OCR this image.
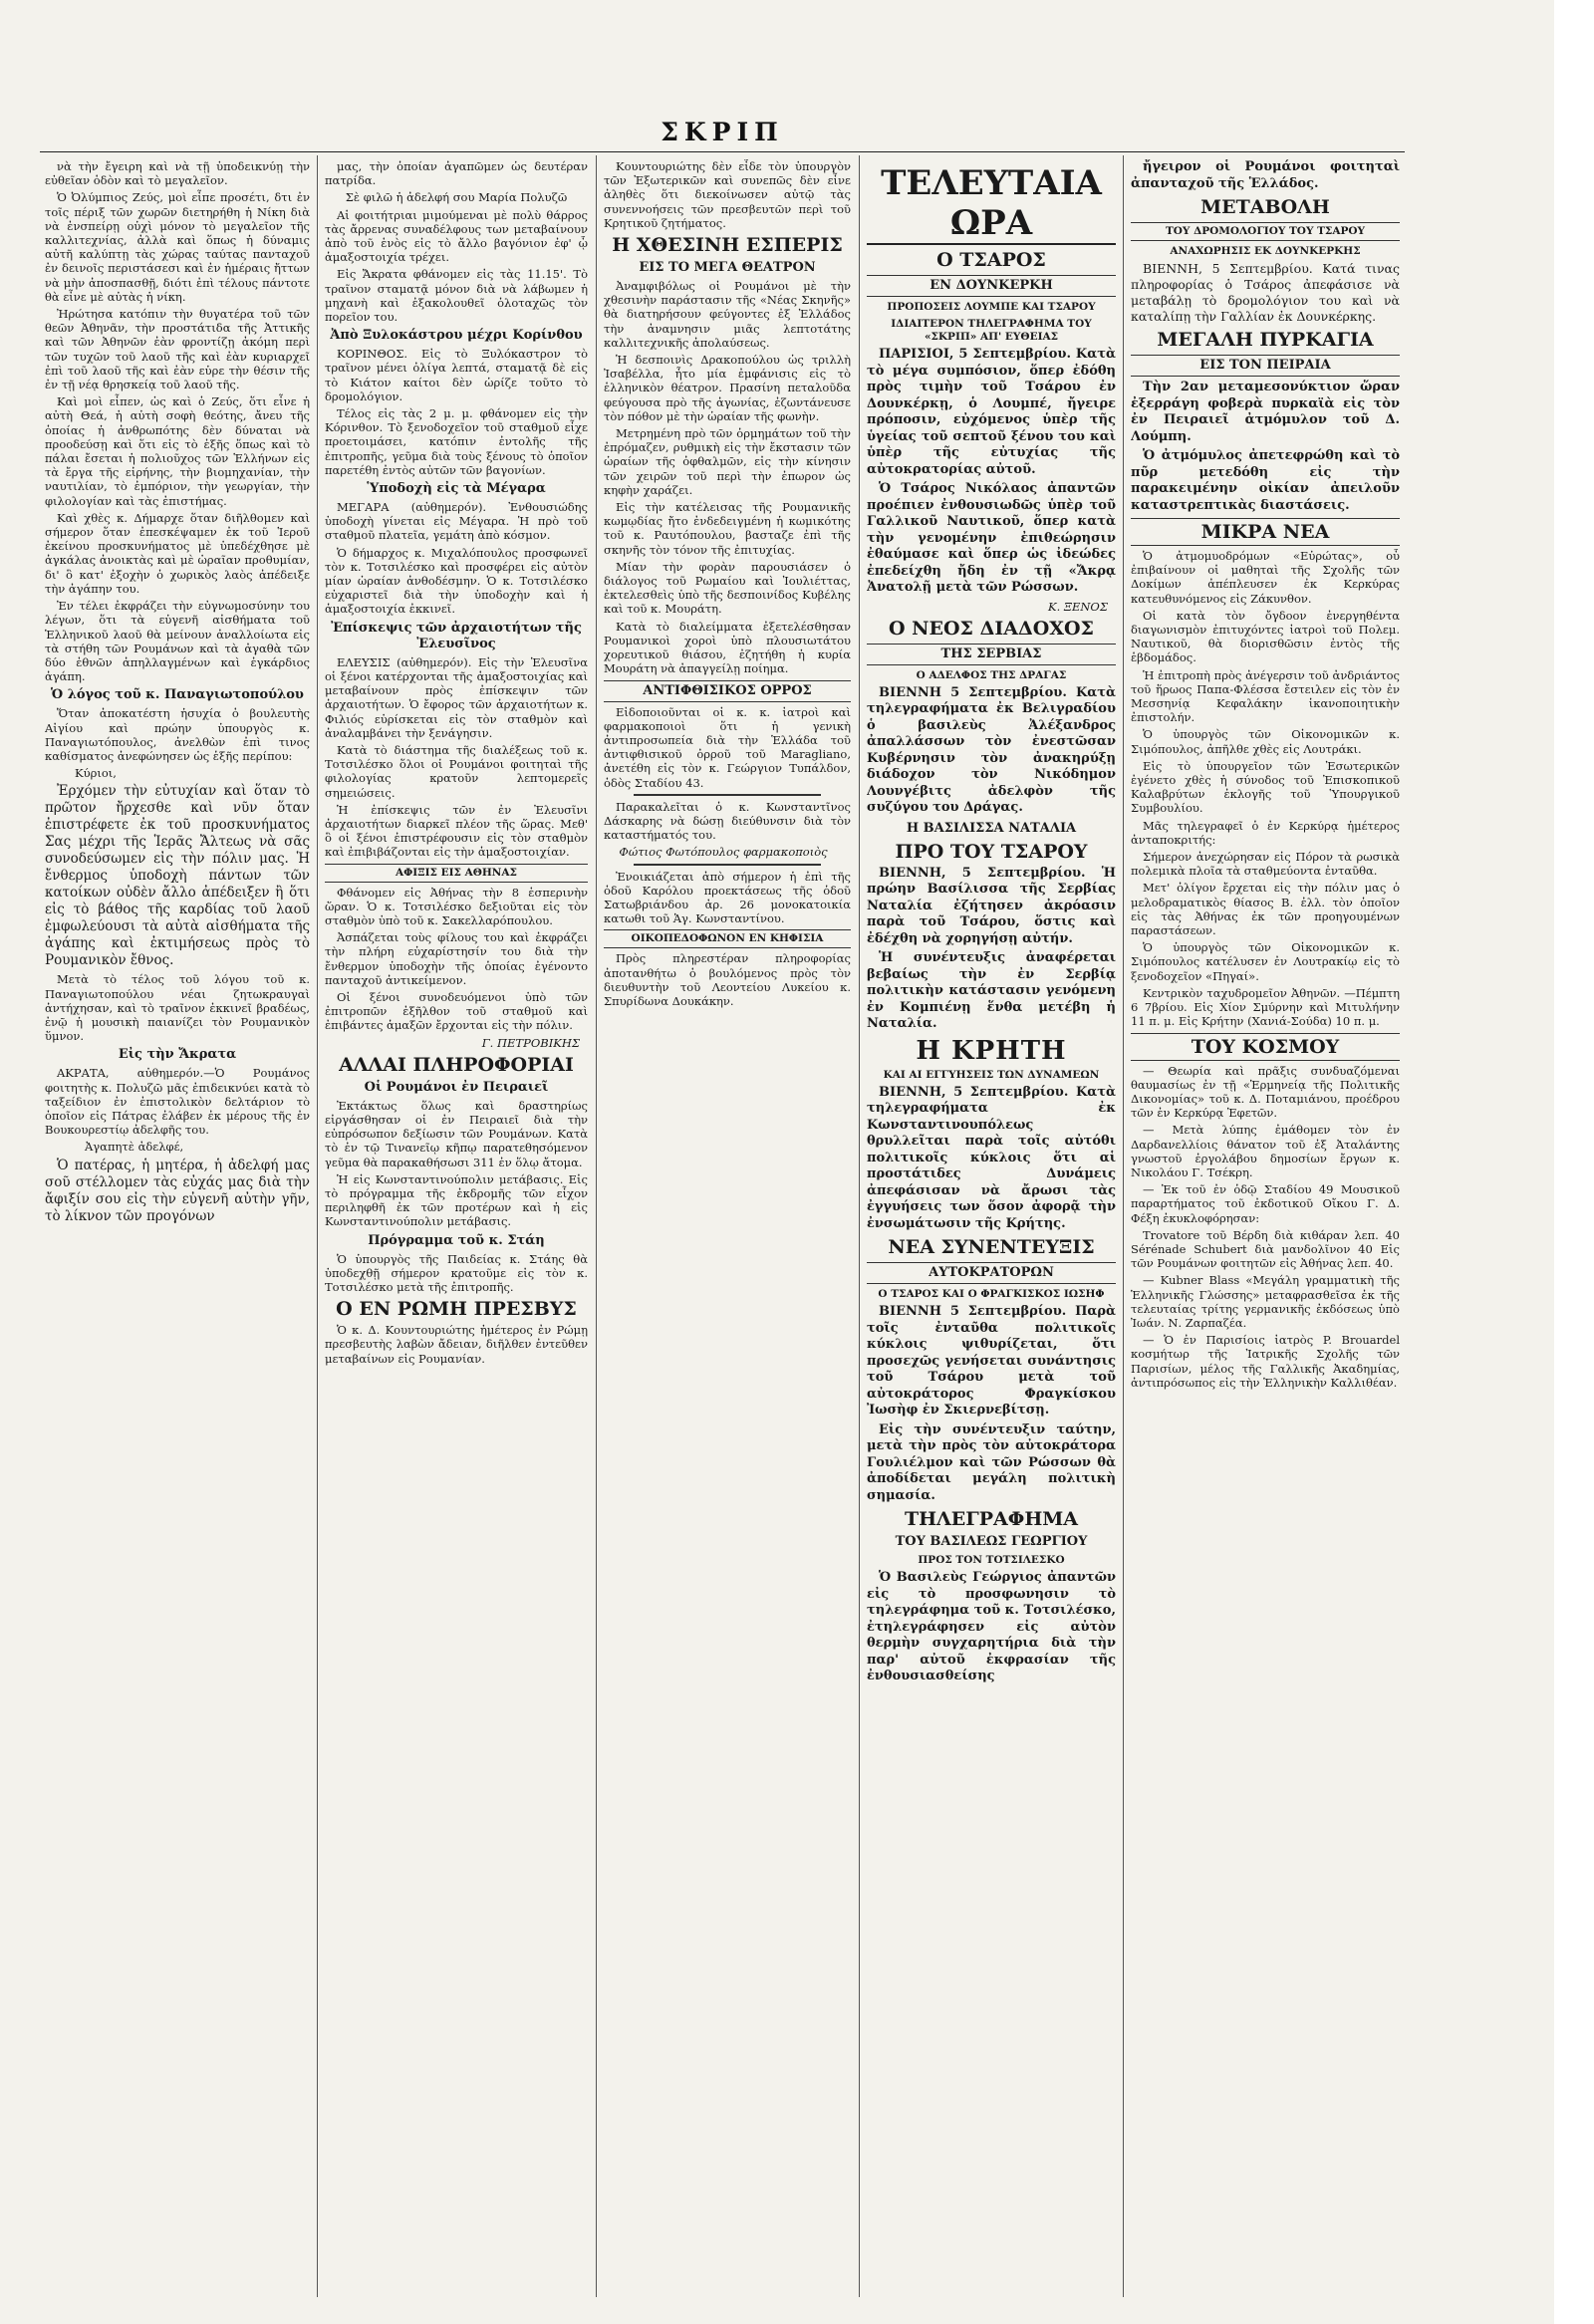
ΣΚΡΙΠ

νὰ τὴν ἔγειρη καὶ νὰ τῇ ὑποδεικνύῃ τὴν εὐθεῖαν ὁδὸν καὶ τὸ μεγαλεῖον.

Ὁ Ὀλύμπιος Ζεύς, μοὶ εἶπε προσέτι, δτι ἐν τοῖς πέριξ τῶν χωρῶν διετηρήθη ἡ Νίκη διὰ νὰ ἐνσπείρῃ οὐχὶ μόνον τὸ μεγαλεῖον τῆς καλλιτεχνίας, ἀλλὰ καὶ ὅπως ἡ δύναμις αὐτῆ καλύπτῃ τὰς χώρας ταύτας πανταχοῦ ἐν δεινοῖς περιστάσεσι καὶ ἐν ἡμέραις ἤττων νὰ μὴν ἀποσπασθῇ, διότι ἐπὶ τέλους πάντοτε θὰ εἶνε μὲ αὐτὰς ἡ νίκη.

Ἠρώτησα κατόπιν τὴν θυγατέρα τοῦ τῶν θεῶν Ἀθηνᾶν, τὴν προστάτιδα τῆς Ἀττικῆς καὶ τῶν Ἀθηνῶν ἐὰν φροντίζῃ ἀκόμη περὶ τῶν τυχῶν τοῦ λαοῦ τῆς καὶ ἐὰν κυριαρχεῖ ἐπὶ τοῦ λαοῦ τῆς καὶ ἐὰν εὑρε τὴν θέσιν τῆς ἐν τῇ νέᾳ θρησκείᾳ τοῦ λαοῦ τῆς.

Καὶ μοὶ εἶπεν, ὡς καὶ ὁ Ζεύς, ὅτι εἶνε ἡ αὐτὴ Θεά, ἡ αὐτὴ σοφὴ θεότης, ἄνευ τῆς ὁποίας ἡ ἀνθρωπότης δὲν δύναται νὰ προοδεύσῃ καὶ ὅτι εἰς τὸ ἑξῆς ὅπως καὶ τὸ πάλαι ἔσεται ἡ πολιοῦχος τῶν Ἑλλήνων εἰς τὰ ἔργα τῆς εἰρήνης, τὴν βιομηχανίαν, τὴν ναυτιλίαν, τὸ ἐμπόριον, τὴν γεωργίαν, τὴν φιλολογίαν καὶ τὰς ἐπιστήμας.

Καὶ χθὲς κ. Δήμαρχε ὅταν διῆλθομεν καὶ σήμερον ὅταν ἐπεσκέψαμεν ἐκ τοῦ Ἱεροῦ ἐκείνου προσκυνήματος μὲ ὑπεδέχθησε μὲ ἀγκάλας ἀνοικτὰς καὶ μὲ ὡραῖαν προθυμίαν, δι' ὃ κατ' ἐξοχὴν ὁ χωρικὸς λαὸς ἀπέδειξε τὴν ἀγάπην του.

Ἐν τέλει ἐκφράζει τὴν εὐγνωμοσύνην του λέγων, ὅτι τὰ εὐγενῆ αἰσθήματα τοῦ Ἑλληνικοῦ λαοῦ θὰ μείνουν ἀναλλοίωτα εἰς τὰ στήθη τῶν Ρουμάνων καὶ τὰ ἀγαθὰ τῶν δύο ἐθνῶν ἀπηλλαγμένων καὶ ἐγκάρδιος ἀγάπη.

Ὁ λόγος τοῦ κ. Παναγιωτοπούλου

Ὅταν ἀποκατέστη ἡσυχία ὁ βουλευτὴς Αἰγίου καὶ πρώην ὑπουργὸς κ. Παναγιωτόπουλος, ἀνελθὼν ἐπὶ τινος καθίσματος ἀνεφώνησεν ὡς ἑξῆς περίπου:

Κύριοι,

Ἐρχόμεν τὴν εὐτυχίαν καὶ ὅταν τὸ πρῶτον ἤρχεσθε καὶ νῦν ὅταν ἐπιστρέφετε ἐκ τοῦ προσκυνήματος Σας μέχρι τῆς Ἱερᾶς Ἄλτεως νὰ σᾶς συνοδεύσωμεν εἰς τὴν πόλιν μας. Ἡ ἔνθερμος ὑποδοχὴ πάντων τῶν κατοίκων οὐδὲν ἄλλο ἀπέδειξεν ἢ ὅτι εἰς τὸ βάθος τῆς καρδίας τοῦ λαοῦ ἐμφωλεύουσι τὰ αὐτὰ αἰσθήματα τῆς ἀγάπης καὶ ἐκτιμήσεως πρὸς τὸ Ρουμανικὸν ἔθνος.

Μετὰ τὸ τέλος τοῦ λόγου τοῦ κ. Παναγιωτοπούλου νέαι ζητωκραυγαὶ ἀντήχησαν, καὶ τὸ τραῖνον ἐκκινεῖ βραδέως, ἐνῷ ἡ μουσικὴ παιανίζει τὸν Ρουμανικὸν ὕμνον.

Εἰς τὴν Ἄκρατα

ΑΚΡΑΤΑ, αὐθημερόν.—Ὁ Ρουμάνος φοιτητὴς κ. Πολυζῶ μᾶς ἐπιδεικνύει κατὰ τὸ ταξείδιον ἐν ἐπιστολικὸν δελτάριον τὸ ὁποῖον εἰς Πάτρας ἐλάβεν ἐκ μέρους τῆς ἐν Βουκουρεστίῳ ἀδελφῆς του.

Ἀγαπητὲ ἀδελφέ,

Ὁ πατέρας, ἡ μητέρα, ἡ ἀδελφή μας σοῦ στέλλομεν τὰς εὐχάς μας διὰ τὴν ἄφιξίν σου εἰς τὴν εὐγενῆ αὐτὴν γῆν, τὸ λίκνον τῶν προγόνων

μας, τὴν ὁποίαν ἀγαπῶμεν ὡς δευτέραν πατρίδα.

Σὲ φιλῶ ἡ ἀδελφή σου Μαρία Πολυζῶ

Αἱ φοιτήτριαι μιμούμεναι μὲ πολὺ θάρρος τὰς ἄρρενας συναδέλφους των μεταβαίνουν ἀπὸ τοῦ ἑνὸς εἰς τὸ ἄλλο βαγόνιον ἐφ' ᾧ ἁμαξοστοιχία τρέχει.

Εἰς Ἄκρατα φθάνομεν εἰς τὰς 11.15'. Τὸ τραῖνον σταματᾷ μόνον διὰ νὰ λάβωμεν ἡ μηχανὴ καὶ ἐξακολουθεῖ ὁλοταχῶς τὸν πορεῖον του.

Ἀπὸ Ξυλοκάστρου μέχρι Κορίνθου

ΚΟΡΙΝΘΟΣ. Εἰς τὸ Ξυλόκαστρον τὸ τραῖνον μένει ὀλίγα λεπτά, σταματᾷ δὲ εἰς τὸ Κιάτον καίτοι δὲν ὡρίζε τοῦτο τὸ δρομολόγιον.

Τέλος εἰς τὰς 2 μ. μ. φθάνομεν εἰς τὴν Κόρινθον. Τὸ ξενοδοχεῖον τοῦ σταθμοῦ εἶχε προετοιμάσει, κατόπιν ἐντολῆς τῆς ἐπιτροπῆς, γεῦμα διὰ τοὺς ξένους τὸ ὁποῖον παρετέθη ἐντὸς αὐτῶν τῶν βαγονίων.

Ὑποδοχὴ εἰς τὰ Μέγαρα

ΜΕΓΑΡΑ (αὐθημερόν). Ἐνθουσιώδης ὑποδοχὴ γίνεται εἰς Μέγαρα. Ἡ πρὸ τοῦ σταθμοῦ πλατεῖα, γεμάτη ἀπὸ κόσμον.

Ὁ δήμαρχος κ. Μιχαλόπουλος προσφωνεῖ τὸν κ. Τοτσιλέσκο καὶ προσφέρει εἰς αὐτὸν μίαν ὡραίαν ἀνθοδέσμην. Ὁ κ. Τοτσιλέσκο εὐχαριστεῖ διὰ τὴν ὑποδοχὴν καὶ ἡ ἁμαξοστοιχία ἐκκινεῖ.

Ἐπίσκεψις τῶν ἀρχαιοτήτων τῆς Ἐλευσῖνος

ΕΛΕΥΣΙΣ (αὐθημερόν). Εἰς τὴν Ἐλευσῖνα οἱ ξένοι κατέρχονται τῆς ἁμαξοστοιχίας καὶ μεταβαίνουν πρὸς ἐπίσκεψιν τῶν ἀρχαιοτήτων. Ὁ ἔφορος τῶν ἀρχαιοτήτων κ. Φιλιός εὑρίσκεται εἰς τὸν σταθμὸν καὶ ἀναλαμβάνει τὴν ξενάγησιν.

Κατὰ τὸ διάστημα τῆς διαλέξεως τοῦ κ. Τοτσιλέσκο ὅλοι οἱ Ρουμάνοι φοιτηταὶ τῆς φιλολογίας κρατοῦν λεπτομερεῖς σημειώσεις.

Ἡ ἐπίσκεψις τῶν ἐν Ἐλευσῖνι ἀρχαιοτήτων διαρκεῖ πλέον τῆς ὥρας. Μεθ' ὃ οἱ ξένοι ἐπιστρέφουσιν εἰς τὸν σταθμὸν καὶ ἐπιβιβάζονται εἰς τὴν ἁμαξοστοιχίαν.

ΑΦΙΞΙΣ ΕΙΣ ΑΘΗΝΑΣ

Φθάνομεν εἰς Ἀθήνας τὴν 8 ἑσπερινὴν ὥραν. Ὁ κ. Τοτσιλέσκο δεξιοῦται εἰς τὸν σταθμὸν ὑπὸ τοῦ κ. Σακελλαρόπουλου.

Ἀσπάζεται τοὺς φίλους του καὶ ἐκφράζει τὴν πλήρη εὐχαρίστησίν του διὰ τὴν ἔνθερμον ὑποδοχὴν τῆς ὁποίας ἐγένοντο πανταχοῦ ἀντικείμενον.

Οἱ ξένοι συνοδευόμενοι ὑπὸ τῶν ἐπιτροπῶν ἐξῆλθον τοῦ σταθμοῦ καὶ ἐπιβάντες ἁμαξῶν ἔρχονται εἰς τὴν πόλιν.

Γ. ΠΕΤΡΟΒΙΚΗΣ
ΑΛΛΑΙ ΠΛΗΡΟΦΟΡΙΑΙ
Οἱ Ρουμάνοι ἐν Πειραιεῖ

Ἐκτάκτως ὅλως καὶ δραστηρίως εἰργάσθησαν οἱ ἐν Πειραιεῖ διὰ τὴν εὐπρόσωπον δεξίωσιν τῶν Ρουμάνων. Κατὰ τὸ ἐν τῷ Τινανεῖῳ κῆπῳ παρατεθησόμενον γεῦμα θὰ παρακαθήσωσι 311 ἐν ὅλῳ ἄτομα.

Ἡ εἰς Κωνσταντινούπολιν μετάβασις. Εἰς τὸ πρόγραμμα τῆς ἐκδρομῆς τῶν εἶχον περιληφθῆ ἐκ τῶν προτέρων καὶ ἡ εἰς Κωνσταντινούπολιν μετάβασις.

Πρόγραμμα τοῦ κ. Στάη

Ὁ ὑπουργὸς τῆς Παιδείας κ. Στάης θὰ ὑποδεχθῇ σήμερον κρατοῦμε εἰς τὸν κ. Τοτσιλέσκο μετὰ τῆς ἐπιτροπῆς.

Ο ΕΝ ΡΩΜΗ ΠΡΕΣΒΥΣ

Ὁ κ. Δ. Κουντουριώτης ἡμέτερος ἐν Ρώμῃ πρεσβευτὴς λαβὼν ἄδειαν, διῆλθεν ἐντεῦθεν μεταβαίνων εἰς Ρουμανίαν.

Κουντουριώτης δὲν εἶδε τὸν ὑπουργὸν τῶν Ἐξωτερικῶν καὶ συνεπῶς δὲν εἶνε ἀληθὲς ὅτι διεκοίνωσεν αὐτῷ τὰς συνεννοήσεις τῶν πρεσβευτῶν περὶ τοῦ Κρητικοῦ ζητήματος.

Η ΧΘΕΣΙΝΗ ΕΣΠΕΡΙΣ
ΕΙΣ ΤΟ ΜΕΓΑ ΘΕΑΤΡΟΝ

Ἀναμφιβόλως οἱ Ρουμάνοι μὲ τὴν χθεσινὴν παράστασιν τῆς «Νέας Σκηνῆς» θὰ διατηρήσουν φεύγοντες ἐξ Ἑλλάδος τὴν ἀναμνησιν μιᾶς λεπτοτάτης καλλιτεχνικῆς ἀπολαύσεως.

Ἡ δεσποινὶς Δρακοπούλου ὡς τριλλὴ Ἰσαβέλλα, ἦτο μία ἐμφάνισις εἰς τὸ ἑλληνικὸν θέατρον. Πρασίνη πεταλοῦδα φεύγουσα πρὸ τῆς ἀγωνίας, ἐζωντάνευσε τὸν πόθον μὲ τὴν ὡραίαν τῆς φωνὴν.

Μετρημένη πρὸ τῶν ὁρμημάτων τοῦ τὴν ἐπρόμαζεν, ρυθμικὴ εἰς τὴν ἔκστασιν τῶν ὡραίων τῆς ὀφθαλμῶν, εἰς τὴν κίνησιν τῶν χειρῶν τοῦ περὶ τὴν ἐπωρον ὡς κηφὴν χαράζει.

Εἰς τὴν κατέλεισας τῆς Ρουμανικῆς κωμῳδίας ἤτο ἐνδεδειγμένη ἡ κωμικότης τοῦ κ. Ραυτόπουλου, βασταζε ἐπὶ τῆς σκηνῆς τὸν τόνον τῆς ἐπιτυχίας.

Μίαν τὴν φορὰν παρουσιάσεν ὁ διάλογος τοῦ Ρωμαίου καὶ Ἰουλιέττας, ἐκτελεσθεὶς ὑπὸ τῆς δεσποινίδος Κυβέλης καὶ τοῦ κ. Μουράτη.

Κατὰ τὸ διαλείμματα ἐξετελέσθησαν Ρουμανικοὶ χοροὶ ὑπὸ πλουσιωτάτου χορευτικοῦ θιάσου, ἐζητήθη ἡ κυρία Μουράτη νὰ ἀπαγγείλῃ ποίημα.

ΑΝΤΙΦΘΙΣΙΚΟΣ ΟΡΡΟΣ

Εἰδοποιοῦνται οἱ κ. κ. ἰατροὶ καὶ φαρμακοποιοὶ ὅτι ἡ γενικὴ ἀντιπροσωπεία διὰ τὴν Ἑλλάδα τοῦ ἀντιφθισικοῦ ὀρροῦ τοῦ Maragliano, ἀνετέθη εἰς τὸν κ. Γεώργιον Τυπάλδον, ὁδὸς Σταδίου 43.

Παρακαλεῖται ὁ κ. Κωνσταντῖνος Δάσκαρης νὰ δώσῃ διεύθυνσιν διὰ τὸν καταστήματός του.

Φώτιος Φωτόπουλος φαρμακοποιὸς

Ἐνοικιάζεται ἀπὸ σήμερον ἡ ἐπὶ τῆς ὁδοῦ Καρόλου προεκτάσεως τῆς ὁδοῦ Σατωβριάνδου ἀρ. 26 μονοκατοικία κατωθι τοῦ Ἁγ. Κωνσταντίνου.

ΟΙΚΟΠΕΔΟΦΩΝΟΝ ΕΝ ΚΗΦΙΣΙΑ

Πρὸς πληρεστέραν πληροφορίας ἀποτανθήτω ὁ βουλόμενος πρὸς τὸν διευθυντὴν τοῦ Λεοντείου Λυκείου κ. Σπυρίδωνα Δουκάκην.

ΤΕΛΕΥΤΑΙΑ ΩΡΑ
Ο ΤΣΑΡΟΣ
ΕΝ ΔΟΥΝΚΕΡΚΗ
ΠΡΟΠΟΣΕΙΣ ΛΟΥΜΠΕ ΚΑΙ ΤΣΑΡΟΥ
ΙΔΙΑΙΤΕΡΟΝ ΤΗΛΕΓΡΑΦΗΜΑ ΤΟΥ «ΣΚΡΙΠ» ΑΠ' ΕΥΘΕΙΑΣ

ΠΑΡΙΣΙΟΙ, 5 Σεπτεμβρίου. Κατὰ τὸ μέγα συμπόσιον, ὅπερ ἐδόθη πρὸς τιμὴν τοῦ Τσάρου ἐν Δουνκέρκῃ, ὁ Λουμπέ, ἤγειρε πρόποσιν, εὐχόμενος ὑπὲρ τῆς ὑγείας τοῦ σεπτοῦ ξένου του καὶ ὑπὲρ τῆς εὐτυχίας τῆς αὐτοκρατορίας αὐτοῦ.

Ὁ Τσάρος Νικόλαος ἀπαντῶν προέπιεν ἐνθουσιωδῶς ὑπὲρ τοῦ Γαλλικοῦ Ναυτικοῦ, ὅπερ κατὰ τὴν γενομένην ἐπιθεώρησιν ἐθαύμασε καὶ ὅπερ ὡς ἰδεώδες ἐπεδείχθη ἤδη ἐν τῇ «Ἄκρᾳ Ἀνατολῇ μετὰ τῶν Ρώσσων.

Κ. ΞΕΝΟΣ
Ο ΝΕΟΣ ΔΙΑΔΟΧΟΣ
ΤΗΣ ΣΕΡΒΙΑΣ
Ο ΑΔΕΛΦΟΣ ΤΗΣ ΔΡΑΓΑΣ

ΒΙΕΝΝΗ 5 Σεπτεμβρίου. Κατὰ τηλεγραφήματα ἐκ Βελιγραδίου ὁ βασιλεὺς Ἀλέξανδρος ἀπαλλάσσων τὸν ἐνεστῶσαν Κυβέρνησιν τὸν ἀνακηρύξῃ διάδοχον τὸν Νικόδημον Λουνγέβιτς ἀδελφὸν τῆς συζύγου του Δράγας.

Η ΒΑΣΙΛΙΣΣΑ ΝΑΤΑΛΙΑ
ΠΡΟ ΤΟΥ ΤΣΑΡΟΥ

ΒΙΕΝΝΗ, 5 Σεπτεμβρίου. Ἡ πρώην Βασίλισσα τῆς Σερβίας Ναταλία ἐζήτησεν ἀκρόασιν παρὰ τοῦ Τσάρου, ὅστις καὶ ἐδέχθη νὰ χορηγήσῃ αὐτήν.

Ἡ συνέντευξις ἀναφέρεται βεβαίως τὴν ἐν Σερβίᾳ πολιτικὴν κατάστασιν γενόμενη ἐν Κομπιένῃ ἕνθα μετέβη ἡ Ναταλία.

Η ΚΡΗΤΗ
ΚΑΙ ΑΙ ΕΓΓΥΗΣΕΙΣ ΤΩΝ ΔΥΝΑΜΕΩΝ

ΒΙΕΝΝΗ, 5 Σεπτεμβρίου. Κατὰ τηλεγραφήματα ἐκ Κωνσταντινουπόλεως θρυλλεῖται παρὰ τοῖς αὐτόθι πολιτικοῖς κύκλοις ὅτι αἱ προστάτιδες Δυνάμεις ἀπεφάσισαν νὰ ἄρωσι τὰς ἐγγυήσεις των ὅσον ἀφορᾷ τὴν ἐνσωμάτωσιν τῆς Κρήτης.

ΝΕΑ ΣΥΝΕΝΤΕΥΞΙΣ
ΑΥΤΟΚΡΑΤΟΡΩΝ
Ο ΤΣΑΡΟΣ ΚΑΙ Ο ΦΡΑΓΚΙΣΚΟΣ ΙΩΣΗΦ

ΒΙΕΝΝΗ 5 Σεπτεμβρίου. Παρὰ τοῖς ἐνταῦθα πολιτικοῖς κύκλοις ψιθυρίζεται, ὅτι προσεχῶς γενήσεται συνάντησις τοῦ Τσάρου μετὰ τοῦ αὐτοκράτορος Φραγκίσκου Ἰωσὴφ ἐν Σκιερνεβίτσῃ.

Εἰς τὴν συνέντευξιν ταύτην, μετὰ τὴν πρὸς τὸν αὐτοκράτορα Γουλιέλμον καὶ τῶν Ρώσσων θὰ ἀποδίδεται μεγάλη πολιτικὴ σημασία.

ΤΗΛΕΓΡΑΦΗΜΑ
ΤΟΥ ΒΑΣΙΛΕΩΣ ΓΕΩΡΓΙΟΥ
ΠΡΟΣ ΤΟΝ ΤΟΤΣΙΛΕΣΚΟ

Ὁ Βασιλεὺς Γεώργιος ἀπαντῶν εἰς τὸ προσφωνησιν τὸ τηλεγράφημα τοῦ κ. Τοτσιλέσκο, ἐτηλεγράφησεν εἰς αὐτὸν θερμὴν συγχαρητήρια διὰ τὴν παρ' αὐτοῦ ἐκφρασίαν τῆς ἐνθουσιασθείσης

ἤγειρον οἱ Ρουμάνοι φοιτηταὶ ἀπανταχοῦ τῆς Ἑλλάδος.

ΜΕΤΑΒΟΛΗ
ΤΟΥ ΔΡΟΜΟΛΟΓΙΟΥ ΤΟΥ ΤΣΑΡΟΥ
ΑΝΑΧΩΡΗΣΙΣ ΕΚ ΔΟΥΝΚΕΡΚΗΣ

ΒΙΕΝΝΗ, 5 Σεπτεμβρίου. Κατά τινας πληροφορίας ὁ Τσάρος ἀπεφάσισε νὰ μεταβάλῃ τὸ δρομολόγιον του καὶ νὰ καταλίπῃ τὴν Γαλλίαν ἐκ Δουνκέρκης.

ΜΕΓΑΛΗ ΠΥΡΚΑΓΙΑ
ΕΙΣ ΤΟΝ ΠΕΙΡΑΙΑ

Τὴν 2αν μεταμεσονύκτιον ὥραν ἐξερράγη φοβερὰ πυρκαϊὰ εἰς τὸν ἐν Πειραιεῖ ἀτμόμυλον τοῦ Δ. Λούμπη.

Ὁ ἀτμόμυλος ἀπετεφρώθη καὶ τὸ πῦρ μετεδόθη εἰς τὴν παρακειμένην οἰκίαν ἀπειλοῦν καταστρεπτικὰς διαστάσεις.

ΜΙΚΡΑ ΝΕΑ

Ὁ ἀτμομυοδρόμων «Εὐρώτας», οὗ ἐπιβαίνουν οἱ μαθηταὶ τῆς Σχολῆς τῶν Δοκίμων ἀπέπλευσεν ἐκ Κερκύρας κατευθυνόμενος εἰς Ζάκυνθον.

Οἱ κατὰ τὸν ὄγδοον ἐνεργηθέντα διαγωνισμὸν ἐπιτυχόντες ἰατροὶ τοῦ Πολεμ. Ναυτικοῦ, θὰ διορισθῶσιν ἐντὸς τῆς ἑβδομάδος.

Ἡ ἐπιτροπὴ πρὸς ἀνέγερσιν τοῦ ἀνδριάντος τοῦ ἥρωος Παπα-Φλέσσα ἔστειλεν εἰς τὸν ἐν Μεσσηνίᾳ Κεφαλάκην ἱκανοποιητικὴν ἐπιστολήν.

Ὁ ὑπουργὸς τῶν Οἰκονομικῶν κ. Σιμόπουλος, ἀπῆλθε χθὲς εἰς Λουτράκι.

Εἰς τὸ ὑπουργεῖον τῶν Ἐσωτερικῶν ἐγένετο χθὲς ἡ σύνοδος τοῦ Ἐπισκοπικοῦ Καλαβρύτων ἐκλογῆς τοῦ Ὑπουργικοῦ Συμβουλίου.

Μᾶς τηλεγραφεῖ ὁ ἐν Κερκύρᾳ ἡμέτερος ἀνταποκριτής:

Σήμερον ἀνεχώρησαν εἰς Πόρον τὰ ρωσικὰ πολεμικὰ πλοῖα τὰ σταθμεύοντα ἐνταῦθα.

Μετ' ὀλίγον ἔρχεται εἰς τὴν πόλιν μας ὁ μελοδραματικὸς θίασος Β. ἐλλ. τὸν ὁποῖον εἰς τὰς Ἀθήνας ἐκ τῶν προηγουμένων παραστάσεων.

Ὁ ὑπουργὸς τῶν Οἰκονομικῶν κ. Σιμόπουλος κατέλυσεν ἐν Λουτρακίῳ εἰς τὸ ξενοδοχεῖον «Πηγαί».

Κεντρικὸν ταχυδρομεῖον Ἀθηνῶν. —Πέμπτη 6 7βρίου. Εἰς Χίον Σμύρνην καὶ Μιτυλήνην 11 π. μ. Εἰς Κρήτην (Χανιά-Σούδα) 10 π. μ.

ΤΟΥ ΚΟΣΜΟΥ

— Θεωρία καὶ πρᾶξις συνδυαζόμεναι θαυμασίως ἐν τῇ «Ἑρμηνείᾳ τῆς Πολιτικῆς Δικονομίας» τοῦ κ. Δ. Ποταμιάνου, προέδρου τῶν ἐν Κερκύρᾳ Ἐφετῶν.

— Μετὰ λύπης ἐμάθομεν τὸν ἐν Δαρδανελλίοις θάνατον τοῦ ἐξ Ἀταλάντης γνωστοῦ ἐργολάβου δημοσίων ἔργων κ. Νικολάου Γ. Τσέκρη.

— Ἐκ τοῦ ἐν ὁδῷ Σταδίου 49 Μουσικοῦ παραρτήματος τοῦ ἐκδοτικοῦ Οἴκου Γ. Δ. Φέξη ἐκυκλοφόρησαν:

Trovatore τοῦ Βέρδη διὰ κιθάραν λεπ. 40 Sérénade Schubert διὰ μανδολῖνον 40 Εἰς τῶν Ρουμάνων φοιτητῶν εἰς Ἀθήνας λεπ. 40.

— Kubner Blass «Μεγάλη γραμματικὴ τῆς Ἑλληνικῆς Γλώσσης» μεταφρασθεῖσα ἐκ τῆς τελευταίας τρίτης γερμανικῆς ἐκδόσεως ὑπὸ Ἰωάν. Ν. Ζαρπαζέα.

— Ὁ ἐν Παρισίοις ἰατρὸς P. Brouardel κοσμήτωρ τῆς Ἰατρικῆς Σχολῆς τῶν Παρισίων, μέλος τῆς Γαλλικῆς Ἀκαδημίας, ἀντιπρόσωπος εἰς τὴν Ἑλληνικὴν Καλλιθέαν.
